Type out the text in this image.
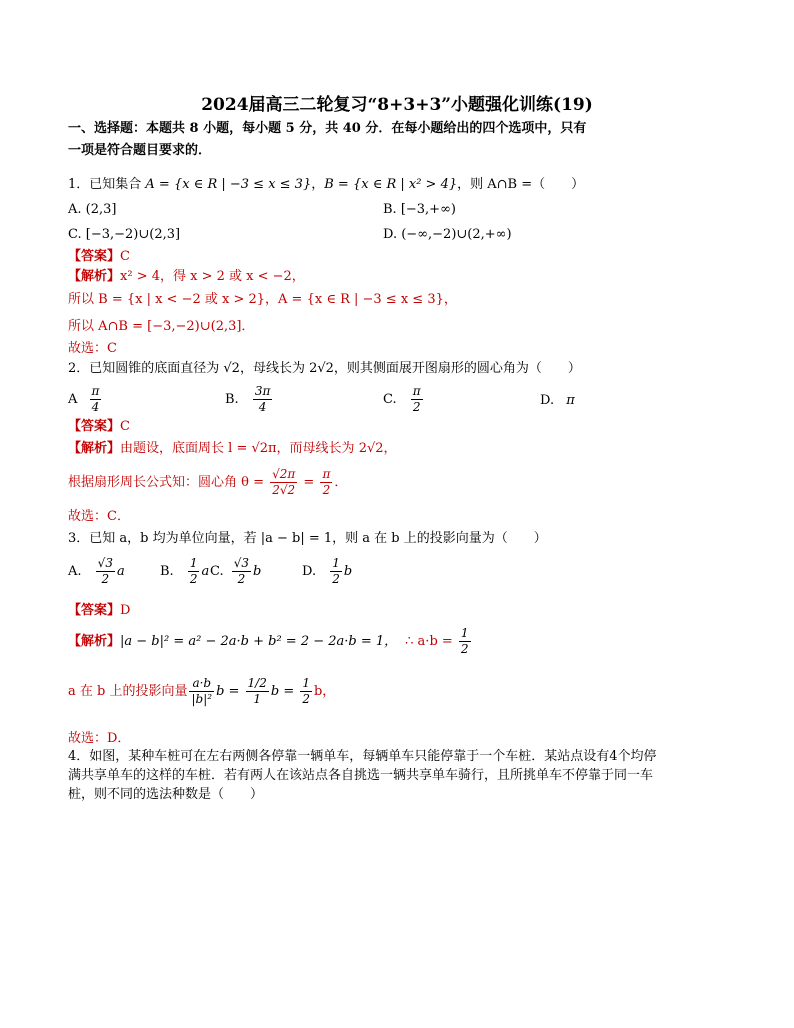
2024届高三二轮复习“8+3+3”小题强化训练(19)
一、选择题：本题共 8 小题，每小题 5 分，共 40 分．在每小题给出的四个选项中，只有
一项是符合题目要求的．
1．已知集合 A = {x ∈ R | −3 ≤ x ≤ 3}，B = {x ∈ R | x² > 4}，则 A∩B =（　　）
A. (2,3]	B. [−3,+∞)
C. [−3,−2)∪(2,3]	D. (−∞,−2)∪(2,+∞)
【答案】C
【解析】x² > 4，得 x > 2 或 x < −2，
所以 B = {x | x < −2 或 x > 2}，A = {x ∈ R | −3 ≤ x ≤ 3}，
所以 A∩B = [−3,−2)∪(2,3]．
故选：C
2．已知圆锥的底面直径为 √2，母线长为 2√2，则其侧面展开图扇形的圆心角为（　　）
A $\frac{\pi}{4}$	B. $\frac{3\pi}{4}$	C. $\frac{\pi}{2}$	D. π
【答案】C
【解析】由题设，底面周长 l = √2π，而母线长为 2√2，
根据扇形周长公式知：圆心角 $\theta = \frac{√2\pi}{2√2} = \frac{\pi}{2}$ ．
故选：C．
3．已知 a，b 均为单位向量，若 |a − b| = 1，则 a 在 b 上的投影向量为（　　）
A. $\frac{√3}{2}$ a	B. $\frac{1}{2}$ a C. $\frac{√3}{2}$ b	D. $\frac{1}{2}$ b
【答案】D
【解析】|a − b|² = a² − 2a·b + b² = 2 − 2a·b = 1， ∴ $a\cdot b = \frac{1}{2}$
a 在 b 上的投影向量 $\frac{a\cdot b}{\text{|b|²}}$ $b = \frac{1/2}{1}$ $b = \frac{1}{2}$ b，
故选：D．
4．如图，某种车桩可在左右两侧各停靠一辆单车，每辆单车只能停靠于一个车桩．某站点设有4个均停
满共享单车的这样的车桩．若有两人在该站点各自挑选一辆共享单车骑行，且所挑单车不停靠于同一车
桩，则不同的选法种数是（　　）
